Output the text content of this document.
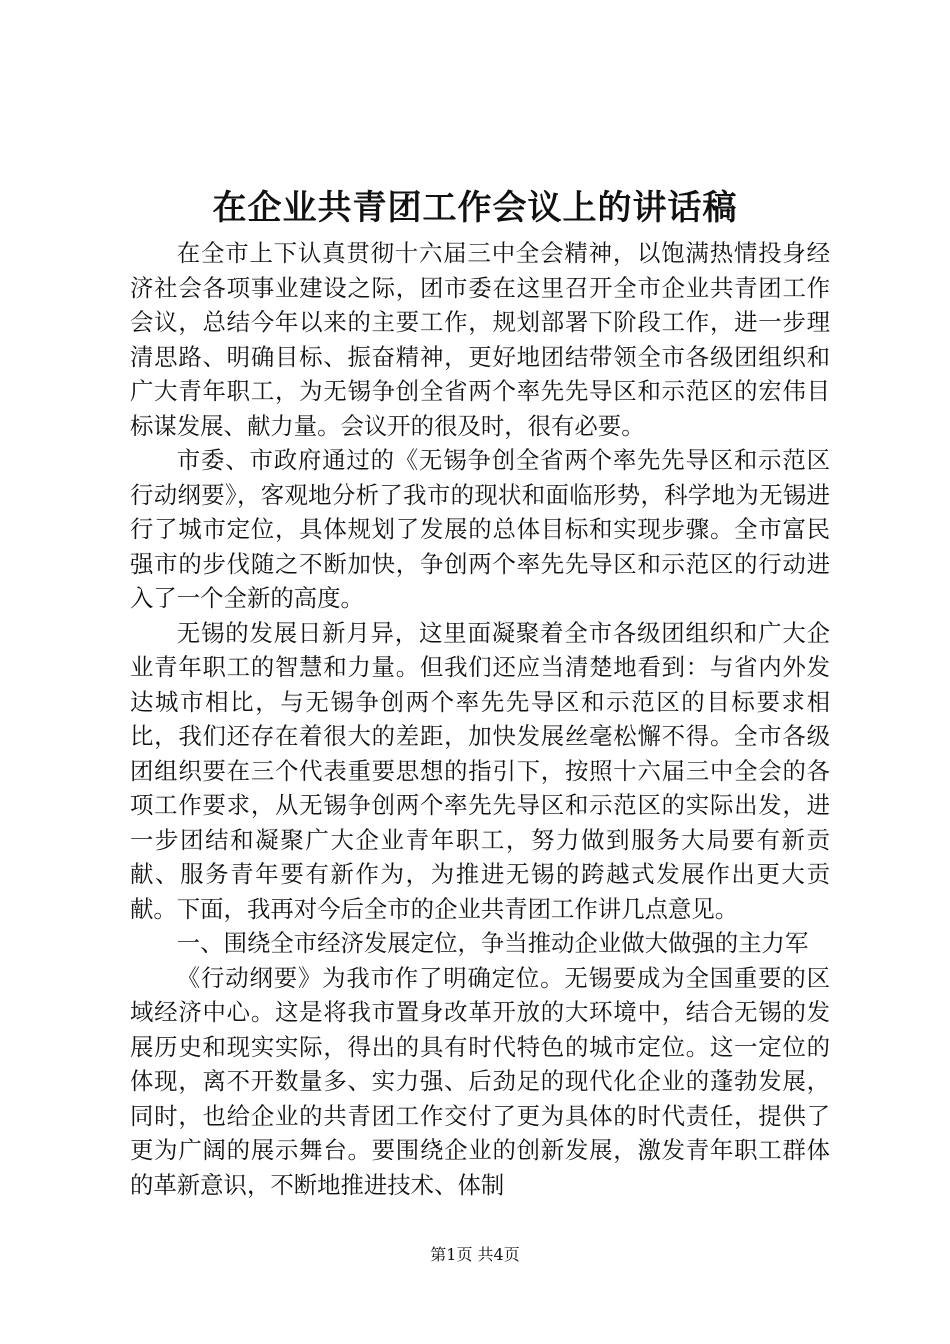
在企业共青团工作会议上的讲话稿

在全市上下认真贯彻十六届三中全会精神，以饱满热情投身经济社会各项事业建设之际，团市委在这里召开全市企业共青团工作会议，总结今年以来的主要工作，规划部署下阶段工作，进一步理清思路、明确目标、振奋精神，更好地团结带领全市各级团组织和广大青年职工，为无锡争创全省两个率先先导区和示范区的宏伟目标谋发展、献力量。会议开的很及时，很有必要。

市委、市政府通过的《无锡争创全省两个率先先导区和示范区行动纲要》，客观地分析了我市的现状和面临形势，科学地为无锡进行了城市定位，具体规划了发展的总体目标和实现步骤。全市富民强市的步伐随之不断加快，争创两个率先先导区和示范区的行动进入了一个全新的高度。

无锡的发展日新月异，这里面凝聚着全市各级团组织和广大企业青年职工的智慧和力量。但我们还应当清楚地看到：与省内外发达城市相比，与无锡争创两个率先先导区和示范区的目标要求相比，我们还存在着很大的差距，加快发展丝毫松懈不得。全市各级团组织要在三个代表重要思想的指引下，按照十六届三中全会的各项工作要求，从无锡争创两个率先先导区和示范区的实际出发，进一步团结和凝聚广大企业青年职工，努力做到服务大局要有新贡献、服务青年要有新作为，为推进无锡的跨越式发展作出更大贡献。下面，我再对今后全市的企业共青团工作讲几点意见。

一、围绕全市经济发展定位，争当推动企业做大做强的主力军

《行动纲要》为我市作了明确定位。无锡要成为全国重要的区域经济中心。这是将我市置身改革开放的大环境中，结合无锡的发展历史和现实实际，得出的具有时代特色的城市定位。这一定位的体现，离不开数量多、实力强、后劲足的现代化企业的蓬勃发展，同时，也给企业的共青团工作交付了更为具体的时代责任，提供了更为广阔的展示舞台。要围绕企业的创新发展，激发青年职工群体的革新意识，不断地推进技术、体制

第1页 共4页
